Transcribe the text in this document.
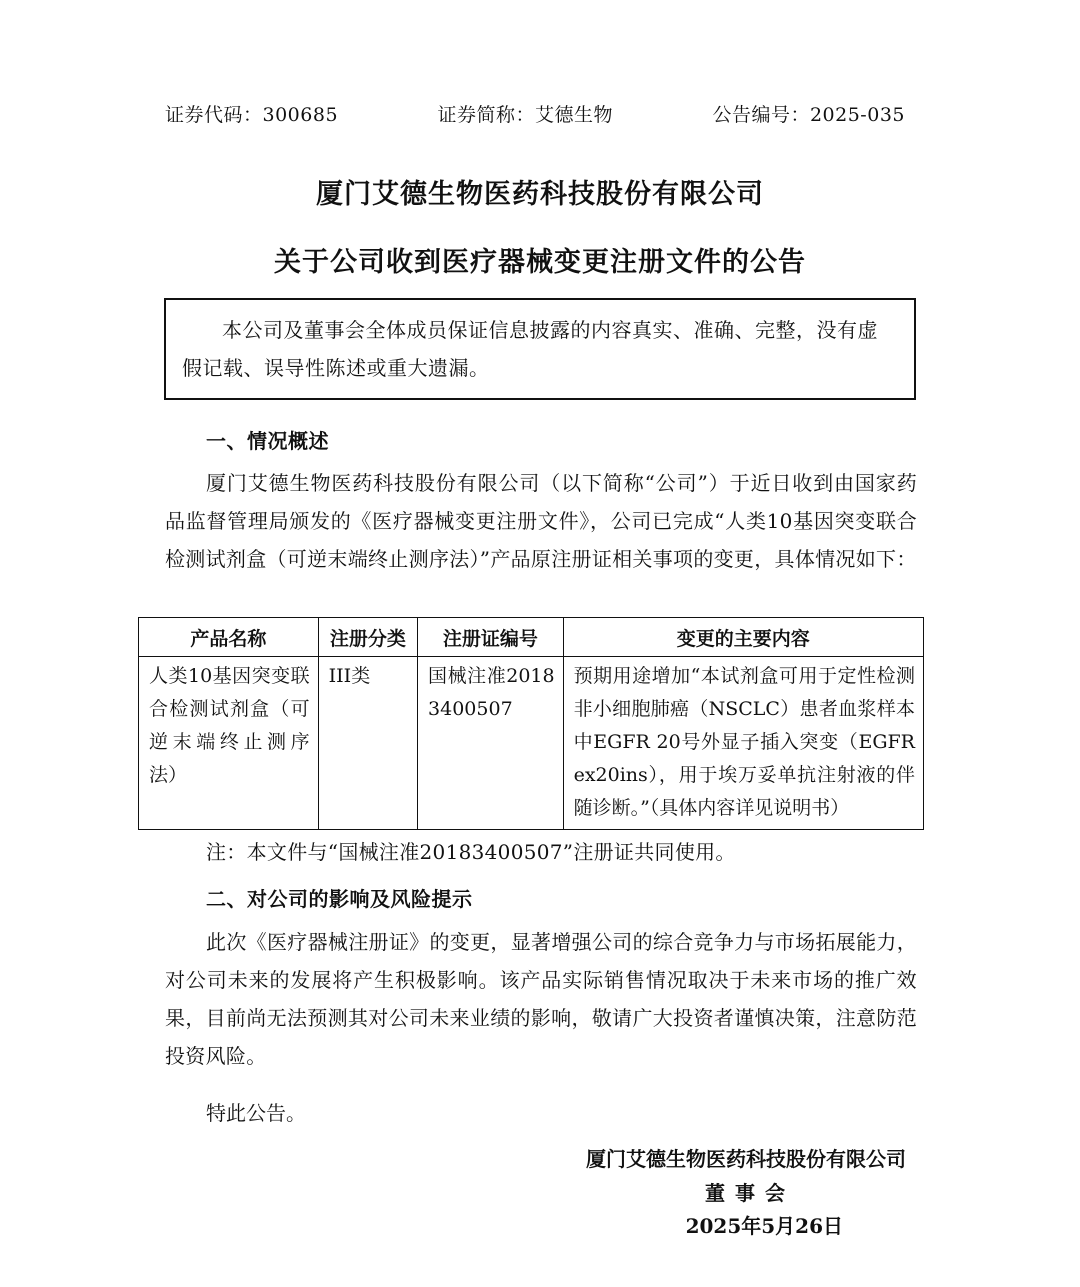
证券代码：300685	证券简称：艾德生物	公告编号：2025-035
厦门艾德生物医药科技股份有限公司
关于公司收到医疗器械变更注册文件的公告

本公司及董事会全体成员保证信息披露的内容真实、准确、完整，没有虚假记载、误导性陈述或重大遗漏。

一、情况概述

厦门艾德生物医药科技股份有限公司（以下简称“公司”）于近日收到由国家药品监督管理局颁发的《医疗器械变更注册文件》，公司已完成“人类10基因突变联合检测试剂盒（可逆末端终止测序法）”产品原注册证相关事项的变更，具体情况如下：

产品名称	注册分类	注册证编号	变更的主要内容
人类10基因突变联合检测试剂盒（可逆末端终止测序法）	III类	国械注准20183400507	预期用途增加“本试剂盒可用于定性检测非小细胞肺癌（NSCLC）患者血浆样本中EGFR 20号外显子插入突变（EGFR ex20ins），用于埃万妥单抗注射液的伴随诊断。”（具体内容详见说明书）
注：本文件与“国械注准20183400507”注册证共同使用。
二、对公司的影响及风险提示

此次《医疗器械注册证》的变更，显著增强公司的综合竞争力与市场拓展能力，对公司未来的发展将产生积极影响。该产品实际销售情况取决于未来市场的推广效果，目前尚无法预测其对公司未来业绩的影响，敬请广大投资者谨慎决策，注意防范投资风险。

特此公告。
厦门艾德生物医药科技股份有限公司
董事会
2025年5月26日
